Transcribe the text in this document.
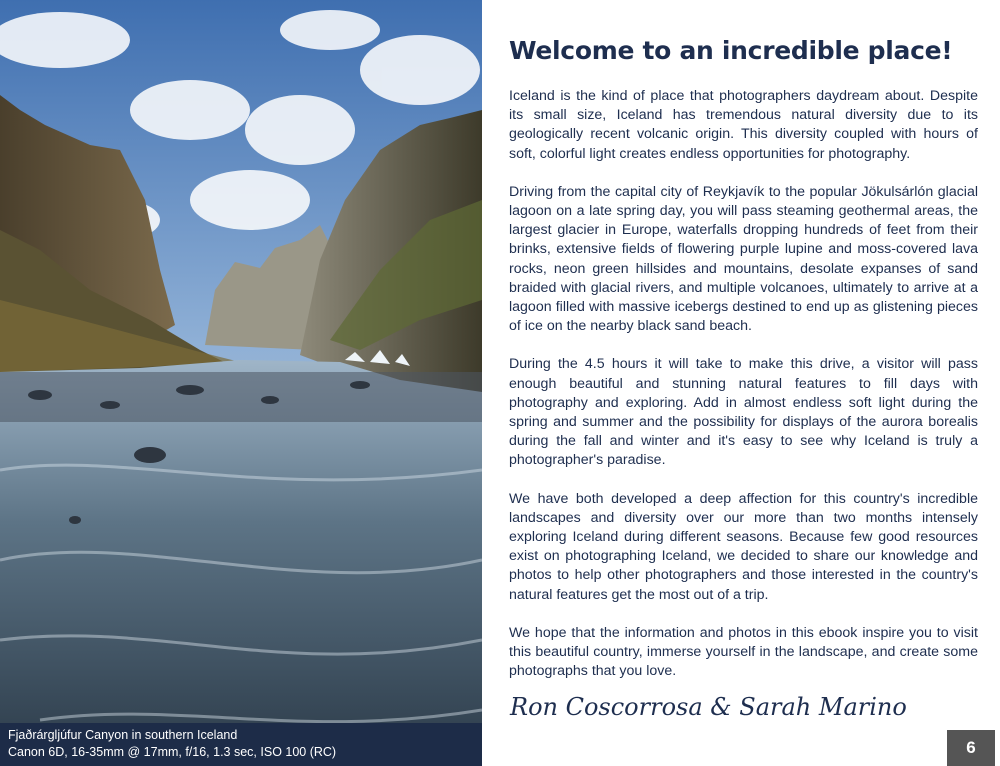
Fjaðrárgljúfur Canyon in southern Iceland
Canon 6D, 16-35mm @ 17mm, f/16, 1.3 sec, ISO 100 (RC)
Welcome to an incredible place!

Iceland is the kind of place that photographers daydream about. Despite its small size, Iceland has tremendous natural diversity due to its geologically recent volcanic origin. This diversity coupled with hours of soft, colorful light creates endless opportunities for photography.

Driving from the capital city of Reykjavík to the popular Jökulsárlón glacial lagoon on a late spring day, you will pass steaming geothermal areas, the largest glacier in Europe, waterfalls dropping hundreds of feet from their brinks, extensive fields of flowering purple lupine and moss-covered lava rocks, neon green hillsides and mountains, desolate expanses of sand braided with glacial rivers, and multiple volcanoes, ultimately to arrive at a lagoon filled with massive icebergs destined to end up as glistening pieces of ice on the nearby black sand beach.

During the 4.5 hours it will take to make this drive, a visitor will pass enough beautiful and stunning natural features to fill days with photography and exploring. Add in almost endless soft light during the spring and summer and the possibility for displays of the aurora borealis during the fall and winter and it's easy to see why Iceland is truly a photographer's paradise.

We have both developed a deep affection for this country's incredible landscapes and diversity over our more than two months intensely exploring Iceland during different seasons. Because few good resources exist on photographing Iceland, we decided to share our knowledge and photos to help other photographers and those interested in the country's natural features get the most out of a trip.

We hope that the information and photos in this ebook inspire you to visit this beautiful country, immerse yourself in the landscape, and create some photographs that you love.

Ron Coscorrosa & Sarah Marino
6
